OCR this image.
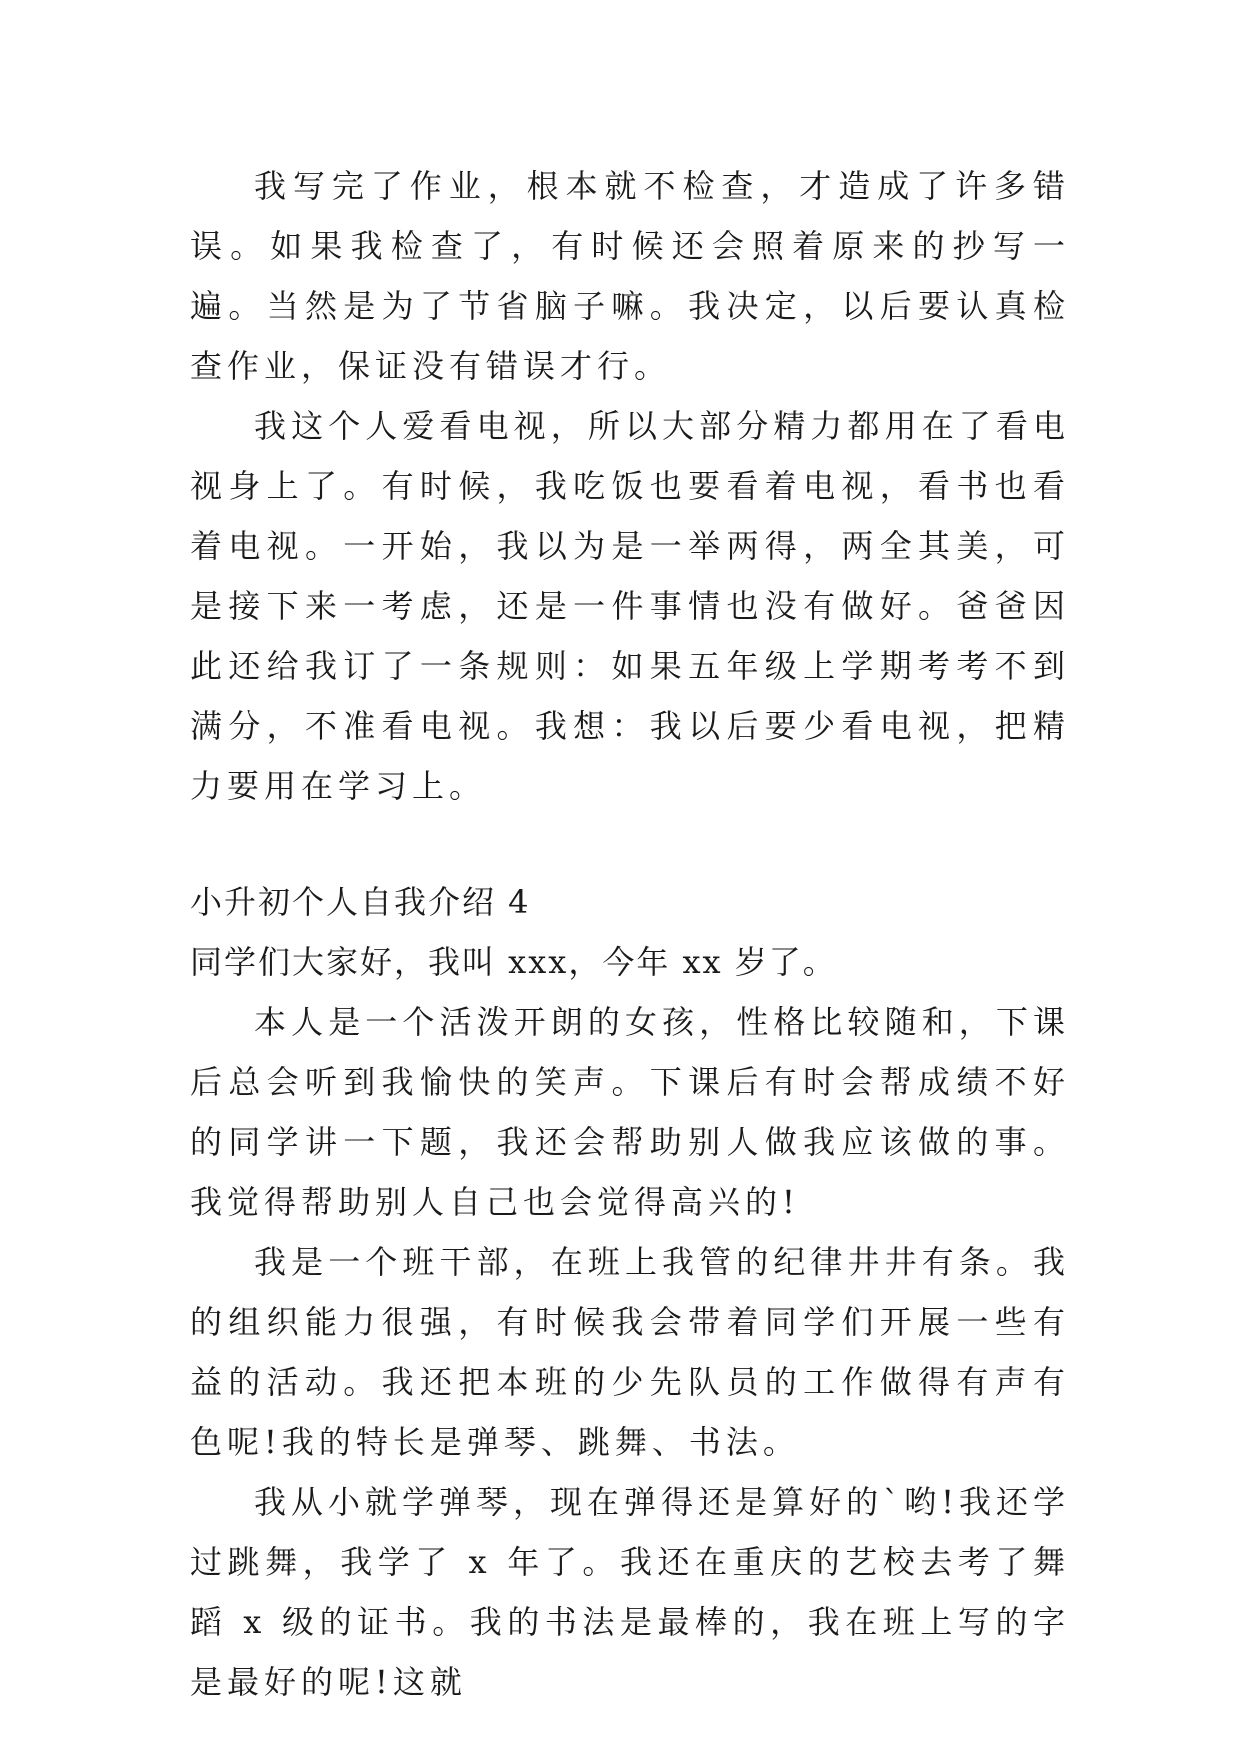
我写完了作业，根本就不检查，才造成了许多错误。如果我检查了，有时候还会照着原来的抄写一遍。当然是为了节省脑子嘛。我决定，以后要认真检查作业，保证没有错误才行。

我这个人爱看电视，所以大部分精力都用在了看电视身上了。有时候，我吃饭也要看着电视，看书也看着电视。一开始，我以为是一举两得，两全其美，可是接下来一考虑，还是一件事情也没有做好。爸爸因此还给我订了一条规则：如果五年级上学期考考不到满分，不准看电视。我想：我以后要少看电视，把精力要用在学习上。

小升初个人自我介绍 4

同学们大家好，我叫 xxx，今年 xx 岁了。

本人是一个活泼开朗的女孩，性格比较随和，下课后总会听到我愉快的笑声。下课后有时会帮成绩不好的同学讲一下题，我还会帮助别人做我应该做的事。我觉得帮助别人自己也会觉得高兴的!

我是一个班干部，在班上我管的纪律井井有条。我的组织能力很强，有时候我会带着同学们开展一些有益的活动。我还把本班的少先队员的工作做得有声有色呢!我的特长是弹琴、跳舞、书法。

我从小就学弹琴，现在弹得还是算好的`哟!我还学过跳舞，我学了 x 年了。我还在重庆的艺校去考了舞蹈 x 级的证书。我的书法是最棒的，我在班上写的字是最好的呢!这就
